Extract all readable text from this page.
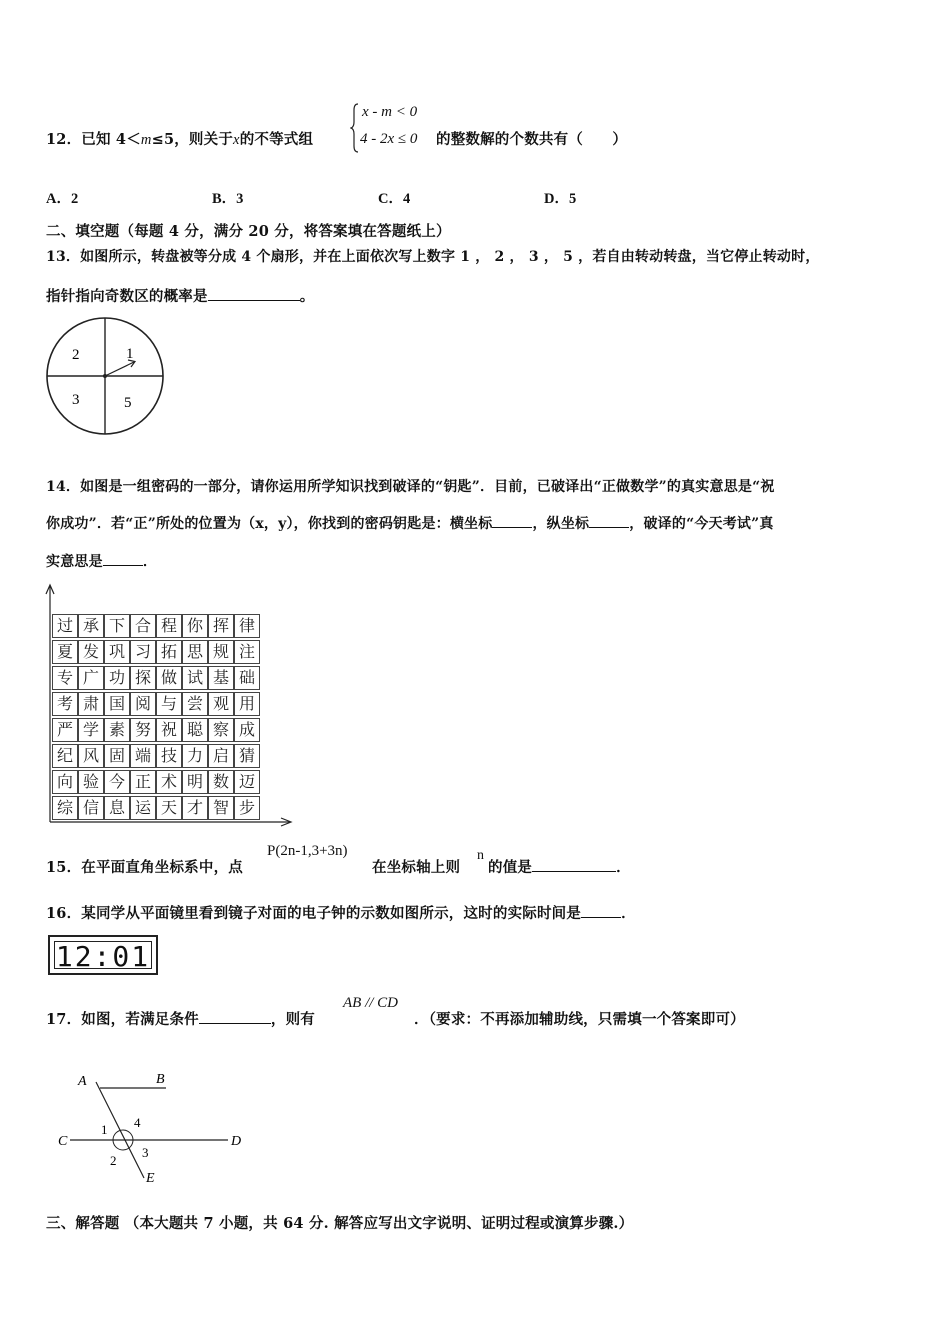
12．已知 4＜m≤5，则关于x的不等式组
x - m < 0
4 - 2x ≤ 0 的整数解的个数共有（　　）
A．2	B．3	C．4	D．5
二、填空题（每题 4 分，满分 20 分，将答案填在答题纸上）
13．如图所示，转盘被等分成 4 个扇形，并在上面依次写上数字 1 ， 2 ， 3 ， 5 ，若自由转动转盘，当它停止转动时，
指针指向奇数区的概率是	。
2	1
3	5
14．如图是一组密码的一部分，请你运用所学知识找到破译的“钥匙”．目前，已破译出“正做数学”的真实意思是“祝
你成功”．若“正”所处的位置为（x，y），你找到的密码钥匙是：横坐标	，纵坐标	，破译的“今天考试”真
实意思是	．
过 承 下 合 程 你 挥 律
夏 发 巩 习 拓 思 规 注
专 广 功 探 做 试 基 础
考 肃 国 阅 与 尝 观 用
严 学 素 努 祝 聪 察 成
纪 风 固 端 技 力 启 猜
向 验 今 正 术 明 数 迈
综 信 息 运 天 才 智 步
15．在平面直角坐标系中，点
P(2n-1,3+3n)
在坐标轴上则
n
的值是	．
16．某同学从平面镜里看到镜子对面的电子钟的示数如图所示，这时的实际时间是	．
12:01
17．如图，若满足条件	，则有
AB // CD
．（要求：不再添加辅助线，只需填一个答案即可）
A	B
C	D
E
1
2
3
4
三、解答题 （本大题共 7 小题，共 64 分. 解答应写出文字说明、证明过程或演算步骤.）
